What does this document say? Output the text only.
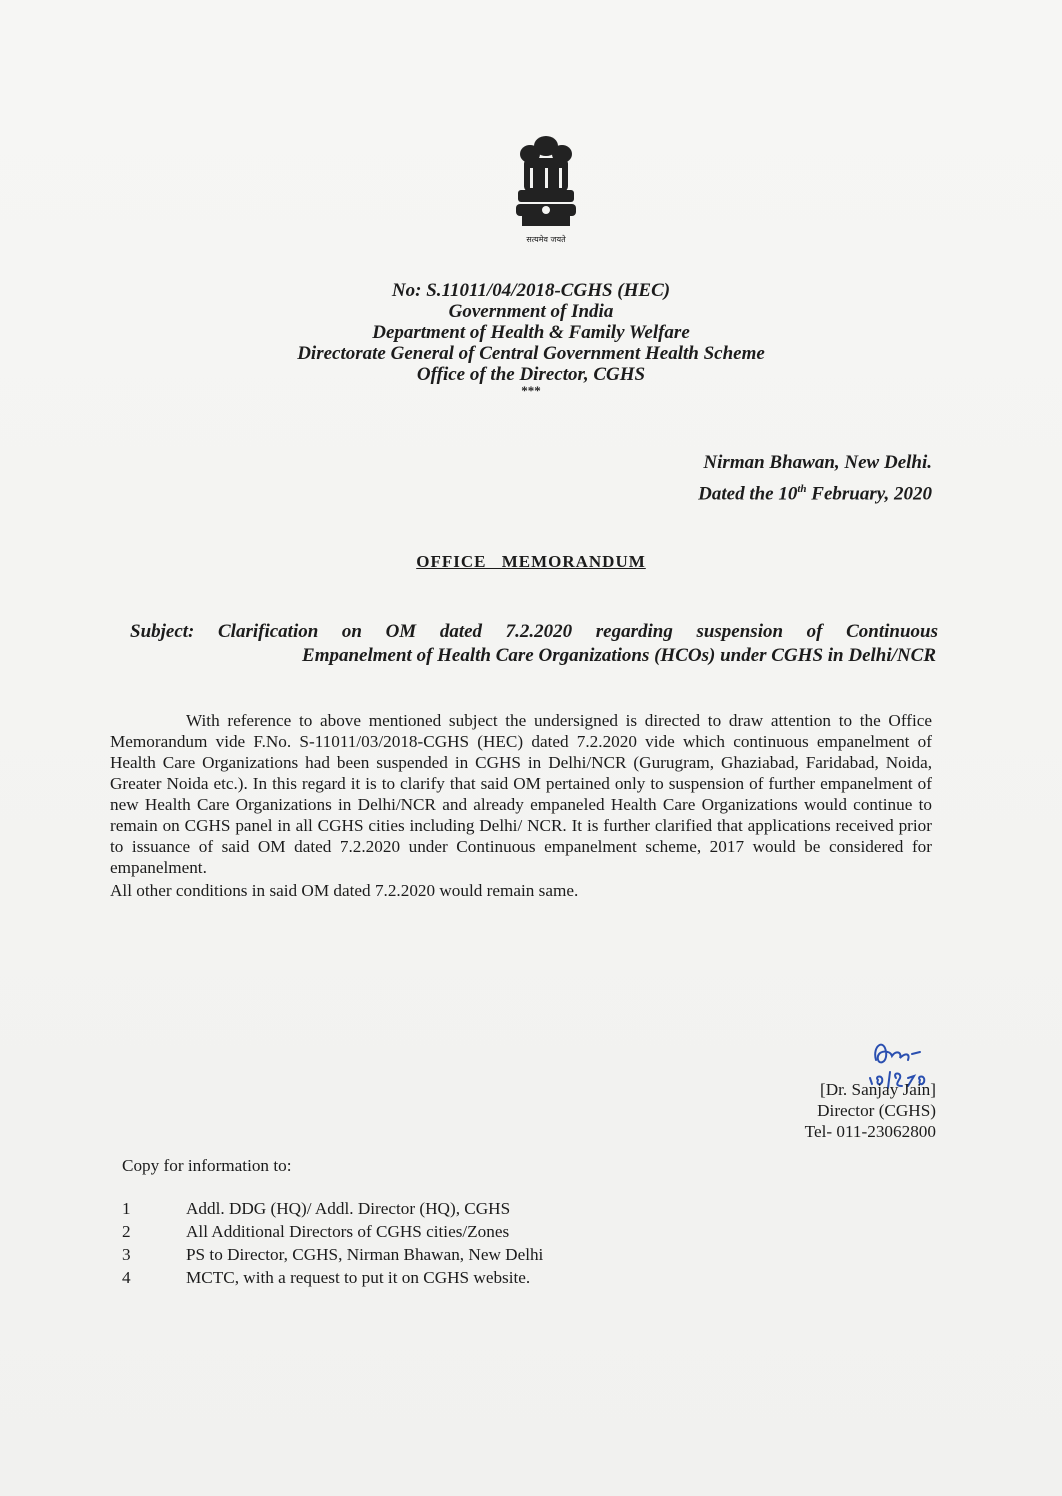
सत्यमेव जयते
No: S.11011/04/2018-CGHS (HEC)
Government of India
Department of Health & Family Welfare
Directorate General of Central Government Health Scheme
Office of the Director, CGHS
***
Nirman Bhawan, New Delhi.
Dated the 10th February, 2020
OFFICE MEMORANDUM
Subject: Clarification on OM dated 7.2.2020 regarding suspension of Continuous
Empanelment of Health Care Organizations (HCOs) under CGHS in Delhi/NCR
With reference to above mentioned subject the undersigned is directed to draw attention to the Office Memorandum vide F.No. S-11011/03/2018-CGHS (HEC) dated 7.2.2020 vide which continuous empanelment of Health Care Organizations had been suspended in CGHS in Delhi/NCR (Gurugram, Ghaziabad, Faridabad, Noida, Greater Noida etc.). In this regard it is to clarify that said OM pertained only to suspension of further empanelment of new Health Care Organizations in Delhi/NCR and already empaneled Health Care Organizations would continue to remain on CGHS panel in all CGHS cities including Delhi/ NCR. It is further clarified that applications received prior to issuance of said OM dated 7.2.2020 under Continuous empanelment scheme, 2017 would be considered for empanelment.
All other conditions in said OM dated 7.2.2020 would remain same.
[Dr. Sanjay Jain]
Director (CGHS)
Tel- 011-23062800
Copy for information to:
1	Addl. DDG (HQ)/ Addl. Director (HQ), CGHS
2	All Additional Directors of CGHS cities/Zones
3	PS to Director, CGHS, Nirman Bhawan, New Delhi
4	MCTC, with a request to put it on CGHS website.
